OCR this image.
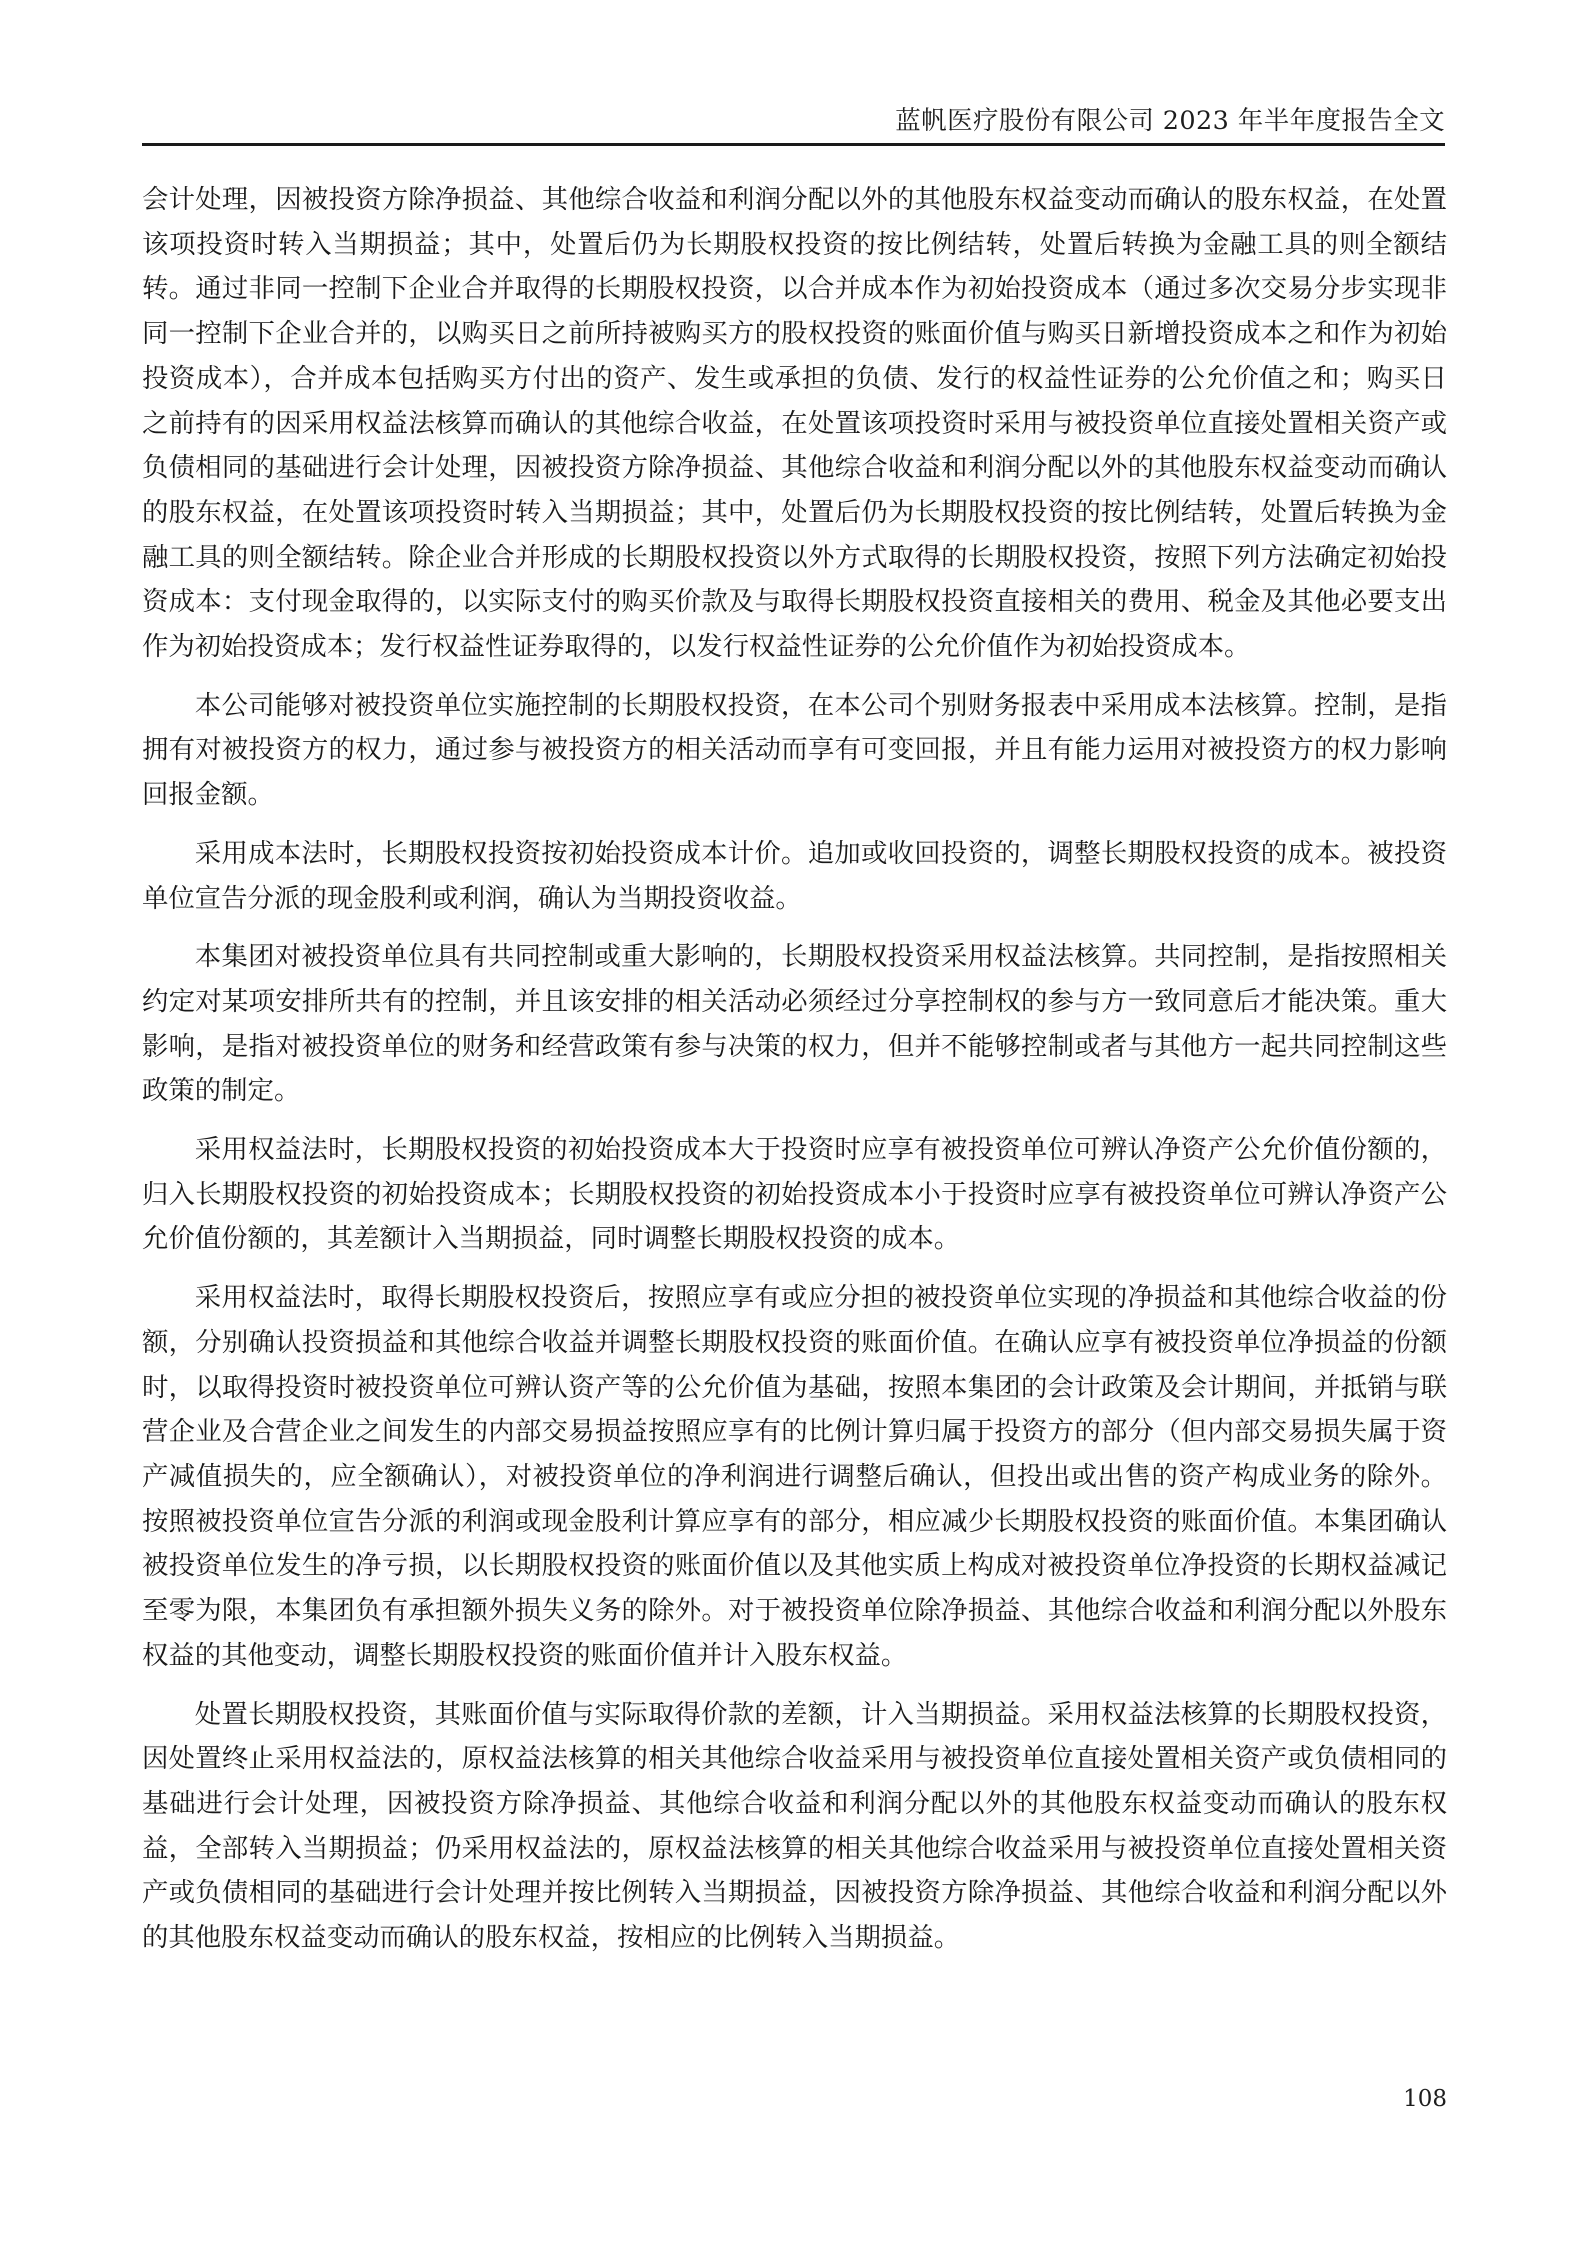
蓝帆医疗股份有限公司 2023 年半年度报告全文

会计处理，因被投资方除净损益、其他综合收益和利润分配以外的其他股东权益变动而确认的股东权益，在处置该项投资时转入当期损益；其中，处置后仍为长期股权投资的按比例结转，处置后转换为金融工具的则全额结转。通过非同一控制下企业合并取得的长期股权投资，以合并成本作为初始投资成本（通过多次交易分步实现非同一控制下企业合并的，以购买日之前所持被购买方的股权投资的账面价值与购买日新增投资成本之和作为初始投资成本），合并成本包括购买方付出的资产、发生或承担的负债、发行的权益性证券的公允价值之和；购买日之前持有的因采用权益法核算而确认的其他综合收益，在处置该项投资时采用与被投资单位直接处置相关资产或负债相同的基础进行会计处理，因被投资方除净损益、其他综合收益和利润分配以外的其他股东权益变动而确认的股东权益，在处置该项投资时转入当期损益；其中，处置后仍为长期股权投资的按比例结转，处置后转换为金融工具的则全额结转。除企业合并形成的长期股权投资以外方式取得的长期股权投资，按照下列方法确定初始投资成本：支付现金取得的，以实际支付的购买价款及与取得长期股权投资直接相关的费用、税金及其他必要支出作为初始投资成本；发行权益性证券取得的，以发行权益性证券的公允价值作为初始投资成本。

本公司能够对被投资单位实施控制的长期股权投资，在本公司个别财务报表中采用成本法核算。控制，是指拥有对被投资方的权力，通过参与被投资方的相关活动而享有可变回报，并且有能力运用对被投资方的权力影响回报金额。

采用成本法时，长期股权投资按初始投资成本计价。追加或收回投资的，调整长期股权投资的成本。被投资单位宣告分派的现金股利或利润，确认为当期投资收益。

本集团对被投资单位具有共同控制或重大影响的，长期股权投资采用权益法核算。共同控制，是指按照相关约定对某项安排所共有的控制，并且该安排的相关活动必须经过分享控制权的参与方一致同意后才能决策。重大影响，是指对被投资单位的财务和经营政策有参与决策的权力，但并不能够控制或者与其他方一起共同控制这些政策的制定。

采用权益法时，长期股权投资的初始投资成本大于投资时应享有被投资单位可辨认净资产公允价值份额的，归入长期股权投资的初始投资成本；长期股权投资的初始投资成本小于投资时应享有被投资单位可辨认净资产公允价值份额的，其差额计入当期损益，同时调整长期股权投资的成本。

采用权益法时，取得长期股权投资后，按照应享有或应分担的被投资单位实现的净损益和其他综合收益的份额，分别确认投资损益和其他综合收益并调整长期股权投资的账面价值。在确认应享有被投资单位净损益的份额时，以取得投资时被投资单位可辨认资产等的公允价值为基础，按照本集团的会计政策及会计期间，并抵销与联营企业及合营企业之间发生的内部交易损益按照应享有的比例计算归属于投资方的部分（但内部交易损失属于资产减值损失的，应全额确认），对被投资单位的净利润进行调整后确认，但投出或出售的资产构成业务的除外。按照被投资单位宣告分派的利润或现金股利计算应享有的部分，相应减少长期股权投资的账面价值。本集团确认被投资单位发生的净亏损，以长期股权投资的账面价值以及其他实质上构成对被投资单位净投资的长期权益减记至零为限，本集团负有承担额外损失义务的除外。对于被投资单位除净损益、其他综合收益和利润分配以外股东权益的其他变动，调整长期股权投资的账面价值并计入股东权益。

处置长期股权投资，其账面价值与实际取得价款的差额，计入当期损益。采用权益法核算的长期股权投资，因处置终止采用权益法的，原权益法核算的相关其他综合收益采用与被投资单位直接处置相关资产或负债相同的基础进行会计处理，因被投资方除净损益、其他综合收益和利润分配以外的其他股东权益变动而确认的股东权益，全部转入当期损益；仍采用权益法的，原权益法核算的相关其他综合收益采用与被投资单位直接处置相关资产或负债相同的基础进行会计处理并按比例转入当期损益，因被投资方除净损益、其他综合收益和利润分配以外的其他股东权益变动而确认的股东权益，按相应的比例转入当期损益。

108
